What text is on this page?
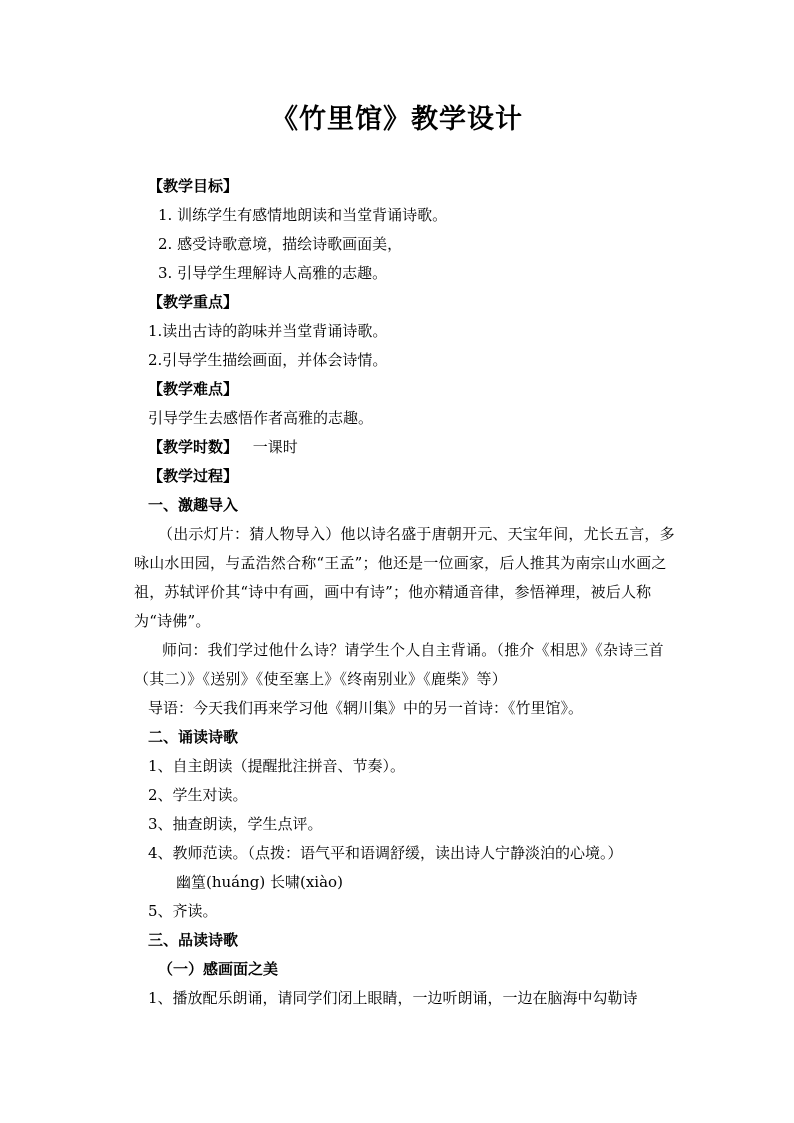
《竹里馆》教学设计

【教学目标】

1. 训练学生有感情地朗读和当堂背诵诗歌。

2. 感受诗歌意境，描绘诗歌画面美，

3. 引导学生理解诗人高雅的志趣。

【教学重点】

1.读出古诗的韵味并当堂背诵诗歌。

2.引导学生描绘画面，并体会诗情。

【教学难点】

引导学生去感悟作者高雅的志趣。

【教学时数】 一课时

【教学过程】

一、激趣导入

（出示灯片：猜人物导入）他以诗名盛于唐朝开元、天宝年间，尤长五言，多咏山水田园，与孟浩然合称“王孟”；他还是一位画家，后人推其为南宗山水画之祖，苏轼评价其“诗中有画，画中有诗”；他亦精通音律，参悟禅理，被后人称为“诗佛”。

师问：我们学过他什么诗？请学生个人自主背诵。（推介《相思》《杂诗三首（其二）》《送别》《使至塞上》《终南别业》《鹿柴》等）

导语：今天我们再来学习他《辋川集》中的另一首诗：《竹里馆》。

二、诵读诗歌

1、自主朗读（提醒批注拼音、节奏）。

2、学生对读。

3、抽查朗读，学生点评。

4、教师范读。（点拨：语气平和语调舒缓，读出诗人宁静淡泊的心境。）

幽篁(huáng) 长啸(xiào)

5、齐读。

三、品读诗歌

（一）感画面之美

1、播放配乐朗诵，请同学们闭上眼睛，一边听朗诵，一边在脑海中勾勒诗
